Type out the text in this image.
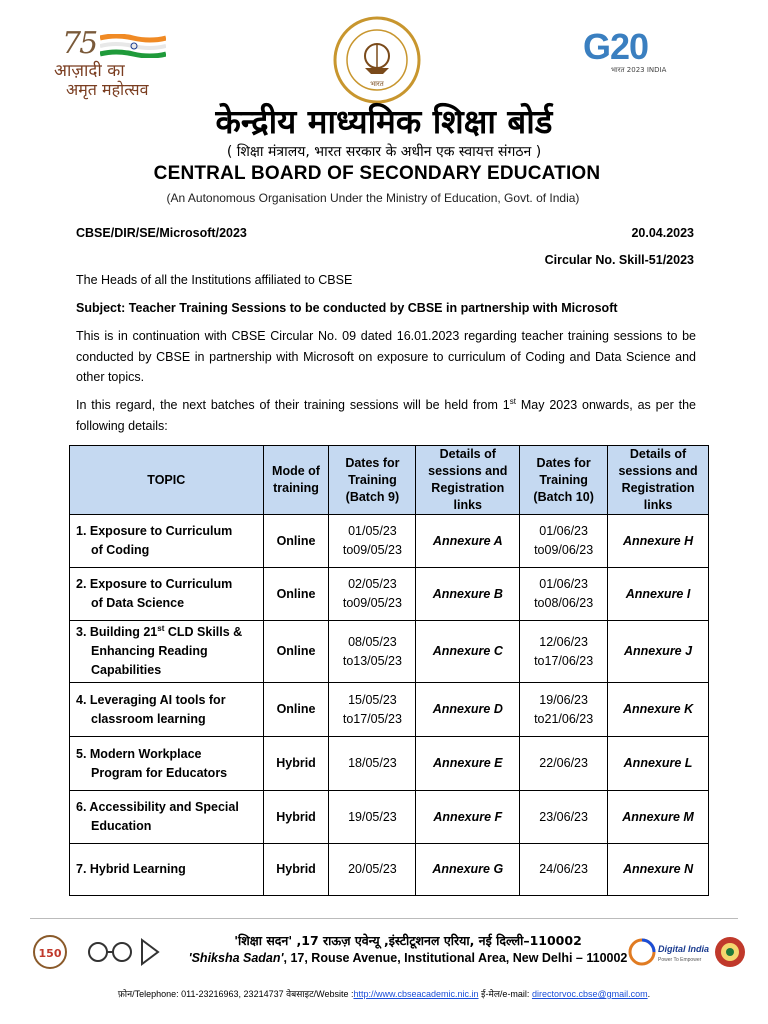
75
आज़ादी का
अमृत महोत्सव	भारत
G20
भारत 2023 INDIA
केन्द्रीय माध्यमिक शिक्षा बोर्ड
( शिक्षा मंत्रालय, भारत सरकार के अधीन एक स्वायत्त संगठन )
CENTRAL BOARD OF SECONDARY EDUCATION
(An Autonomous Organisation Under the Ministry of Education, Govt. of India)
CBSE/DIR/SE/Microsoft/2023	20.04.2023
Circular No. Skill-51/2023
The Heads of all the Institutions affiliated to CBSE
Subject: Teacher Training Sessions to be conducted by CBSE in partnership with Microsoft
This is in continuation with CBSE Circular No. 09 dated 16.01.2023 regarding teacher training sessions to be conducted by CBSE in partnership with Microsoft on exposure to curriculum of Coding and Data Science and other topics.
In this regard, the next batches of their training sessions will be held from 1st May 2023 onwards, as per the following details:
TOPIC	Mode of training	Dates for Training (Batch 9)	Details of sessions and Registration links	Dates for Training (Batch 10)	Details of sessions and Registration links

1. Exposure to Curriculum
of Coding	Online	01/05/23 to09/05/23	Annexure A	01/06/23 to09/06/23	Annexure H

2. Exposure to Curriculum
of Data Science	Online	02/05/23 to09/05/23	Annexure B	01/06/23 to08/06/23	Annexure I

3. Building 21st CLD Skills &
Enhancing Reading
Capabilities	Online	08/05/23 to13/05/23	Annexure C	12/06/23 to17/06/23	Annexure J

4. Leveraging AI tools for
classroom learning	Online	15/05/23 to17/05/23	Annexure D	19/06/23 to21/06/23	Annexure K

5. Modern Workplace
Program for Educators	Hybrid	18/05/23	Annexure E	22/06/23	Annexure L

6. Accessibility and Special
Education	Hybrid	19/05/23	Annexure F	23/06/23	Annexure M

7. Hybrid Learning	Hybrid	20/05/23	Annexure G	24/06/23	Annexure N
150
'शिक्षा सदन' ,17 राऊज़ एवेन्यू ,इंस्टीटूशनल एरिया, नई दिल्ली–110002
'Shiksha Sadan', 17, Rouse Avenue, Institutional Area, New Delhi – 110002
Digital India
Power To Empower
फ़ोन/Telephone: 011-23216963, 23214737 वेबसाइट/Website :http://www.cbseacademic.nic.in ई-मेल/e-mail: directorvoc.cbse@gmail.com.
